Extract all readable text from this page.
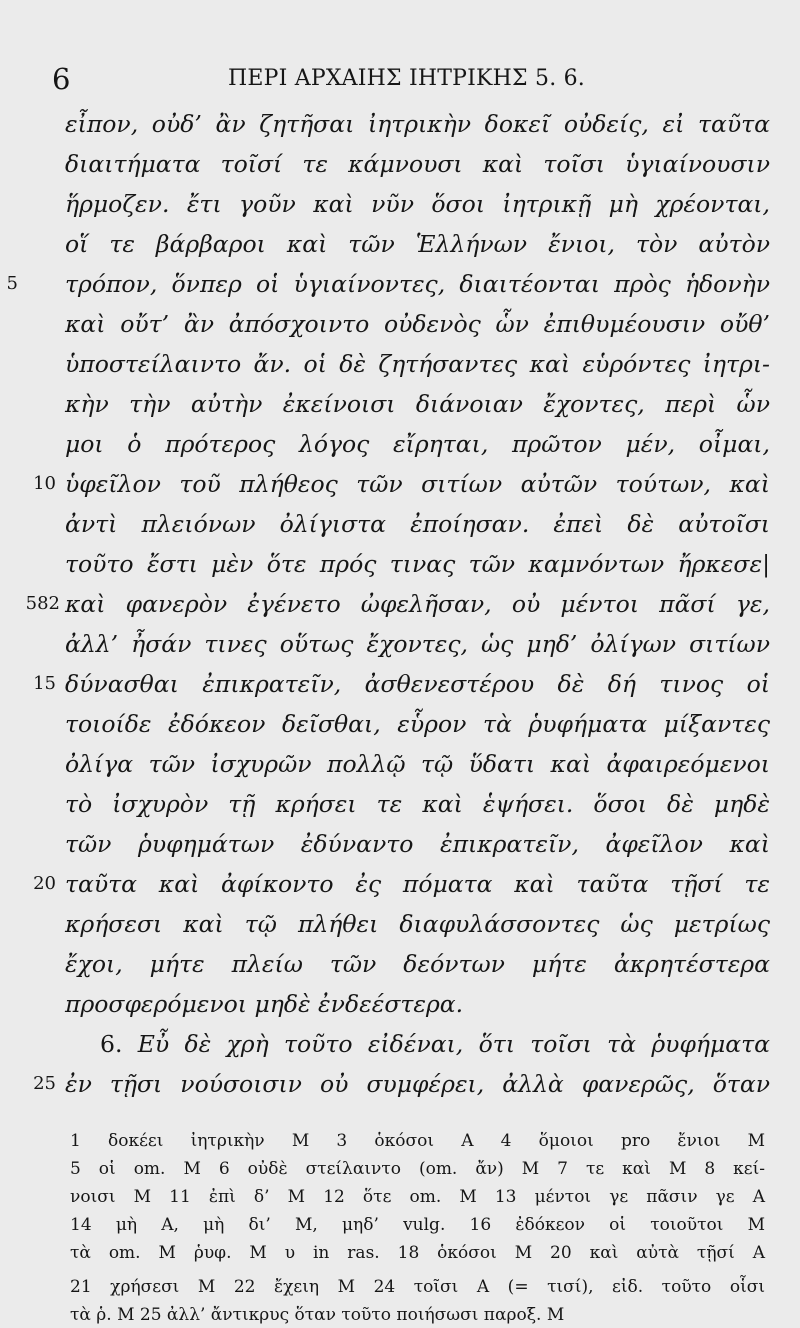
6	ΠΕΡΙ ΑΡΧΑΙΗΣ ΙΗΤΡΙΚΗΣ 5. 6.
εἶπον, οὐδ’ ἂν ζητῆσαι ἰητρικὴν δοκεῖ οὐδείς, εἰ ταῦτα
διαιτήματα τοῖσί τε κάμνουσι καὶ τοῖσι ὑγιαίνουσιν
ἥρμοζεν. ἔτι γοῦν καὶ νῦν ὅσοι ἰητρικῇ μὴ χρέονται,
οἵ τε βάρβαροι καὶ τῶν Ἑλλήνων ἔνιοι, τὸν αὐτὸν
5 τρόπον, ὅνπερ οἱ ὑγιαίνοντες, διαιτέονται πρὸς ἡδονὴν
καὶ οὔτ’ ἂν ἀπόσχοιντο οὐδενὸς ὧν ἐπιθυμέουσιν οὔθ’
ὑποστείλαιντο ἄν. οἱ δὲ ζητήσαντες καὶ εὑρόντες ἰητρι-
κὴν τὴν αὐτὴν ἐκείνοισι διάνοιαν ἔχοντες, περὶ ὧν
μοι ὁ πρότερος λόγος εἴρηται, πρῶτον μέν, οἶμαι,
10 ὑφεῖλον τοῦ πλήθεος τῶν σιτίων αὐτῶν τούτων, καὶ
ἀντὶ πλειόνων ὀλίγιστα ἐποίησαν. ἐπεὶ δὲ αὐτοῖσι
τοῦτο ἔστι μὲν ὅτε πρός τινας τῶν καμνόντων ἤρκεσε|
582 καὶ φανερὸν ἐγένετο ὠφελῆσαν, οὐ μέντοι πᾶσί γε,
ἀλλ’ ἦσάν τινες οὕτως ἔχοντες, ὡς μηδ’ ὀλίγων σιτίων
15 δύνασθαι ἐπικρατεῖν, ἀσθενεστέρου δὲ δή τινος οἱ
τοιοίδε ἐδόκεον δεῖσθαι, εὗρον τὰ ῥυφήματα μίξαντες
ὀλίγα τῶν ἰσχυρῶν πολλῷ τῷ ὕδατι καὶ ἀφαιρεόμενοι
τὸ ἰσχυρὸν τῇ κρήσει τε καὶ ἑψήσει. ὅσοι δὲ μηδὲ
τῶν ῥυφημάτων ἐδύναντο ἐπικρατεῖν, ἀφεῖλον καὶ
20 ταῦτα καὶ ἀφίκοντο ἐς πόματα καὶ ταῦτα τῇσί τε
κρήσεσι καὶ τῷ πλήθει διαφυλάσσοντες ὡς μετρίως
ἔχοι, μήτε πλείω τῶν δεόντων μήτε ἀκρητέστερα
προσφερόμενοι μηδὲ ἐνδεέστερα.
6. Εὖ δὲ χρὴ τοῦτο εἰδέναι, ὅτι τοῖσι τὰ ῥυφήματα
25 ἐν τῇσι νούσοισιν οὐ συμφέρει, ἀλλὰ φανερῶς, ὅταν
1 δοκέει ἰητρικὴν M 3 ὁκόσοι A 4 ὅμοιοι pro ἔνιοι M
5 οἱ om. M 6 οὐδὲ στείλαιντο (om. ἄν) M 7 τε καὶ M 8 κεί-
νοισι M 11 ἐπὶ δ’ M 12 ὅτε om. M 13 μέντοι γε πᾶσιν γε A
14 μὴ A, μὴ δι’ M, μηδ’ vulg. 16 ἐδόκεον οἱ τοιοῦτοι M
τὰ om. M ῥυφ. M υ in ras. 18 ὁκόσοι M 20 καὶ αὐτὰ τῇσί A
21 χρήσεσι M 22 ἔχειη M 24 τοῖσι A (= τισί), εἰδ. τοῦτο οἷσι
τὰ ῥ. M 25 ἀλλ’ ἄντικρυς ὅταν τοῦτο ποιήσωσι παροξ. M
